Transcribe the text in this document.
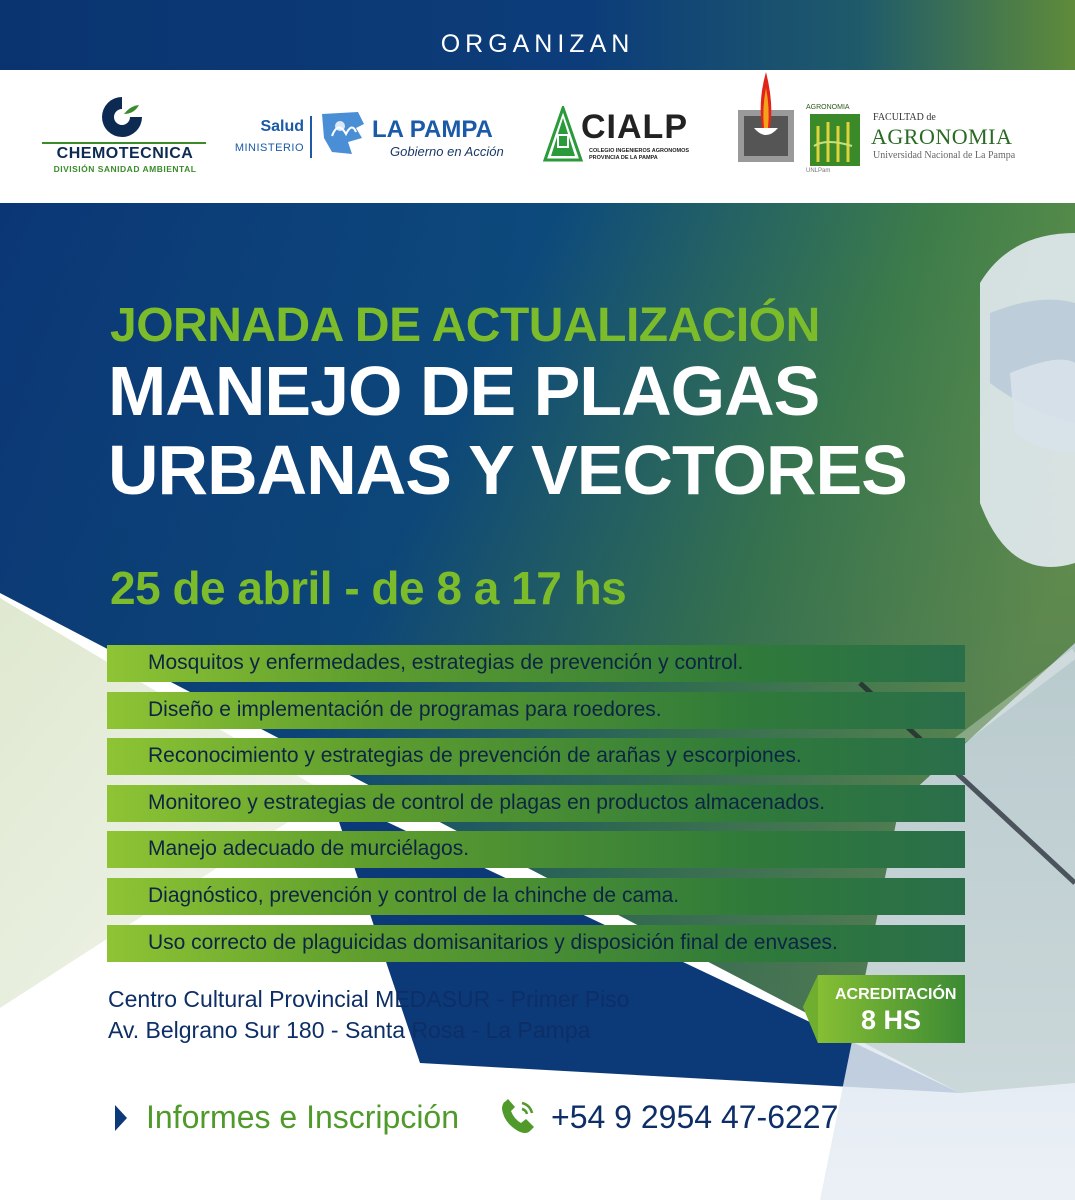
ORGANIZAN
CHEMOTECNICA
DIVISIÓN SANIDAD AMBIENTAL
Salud
MINISTERIO
LA PAMPA
Gobierno en Acción
CIALP
COLEGIO INGENIEROS AGRONOMOS
PROVINCIA DE LA PAMPA
AGRONOMIA
UNLPam
FACULTAD de
AGRONOMIA
Universidad Nacional de La Pampa
JORNADA DE ACTUALIZACIÓN
MANEJO DE PLAGAS
URBANAS Y VECTORES
25 de abril - de 8 a 17 hs
Mosquitos y enfermedades, estrategias de prevención y control.
Diseño e implementación de programas para roedores.
Reconocimiento y estrategias de prevención de arañas y escorpiones.
Monitoreo y estrategias de control de plagas en productos almacenados.
Manejo adecuado de murciélagos.
Diagnóstico, prevención y control de la chinche de cama.
Uso correcto de plaguicidas domisanitarios y disposición final de envases.
Centro Cultural Provincial MEDASUR - Primer Piso
Av. Belgrano Sur 180 - Santa Rosa - La Pampa
ACREDITACIÓN
8 HS
Informes e Inscripción	+54 9 2954 47-6227
